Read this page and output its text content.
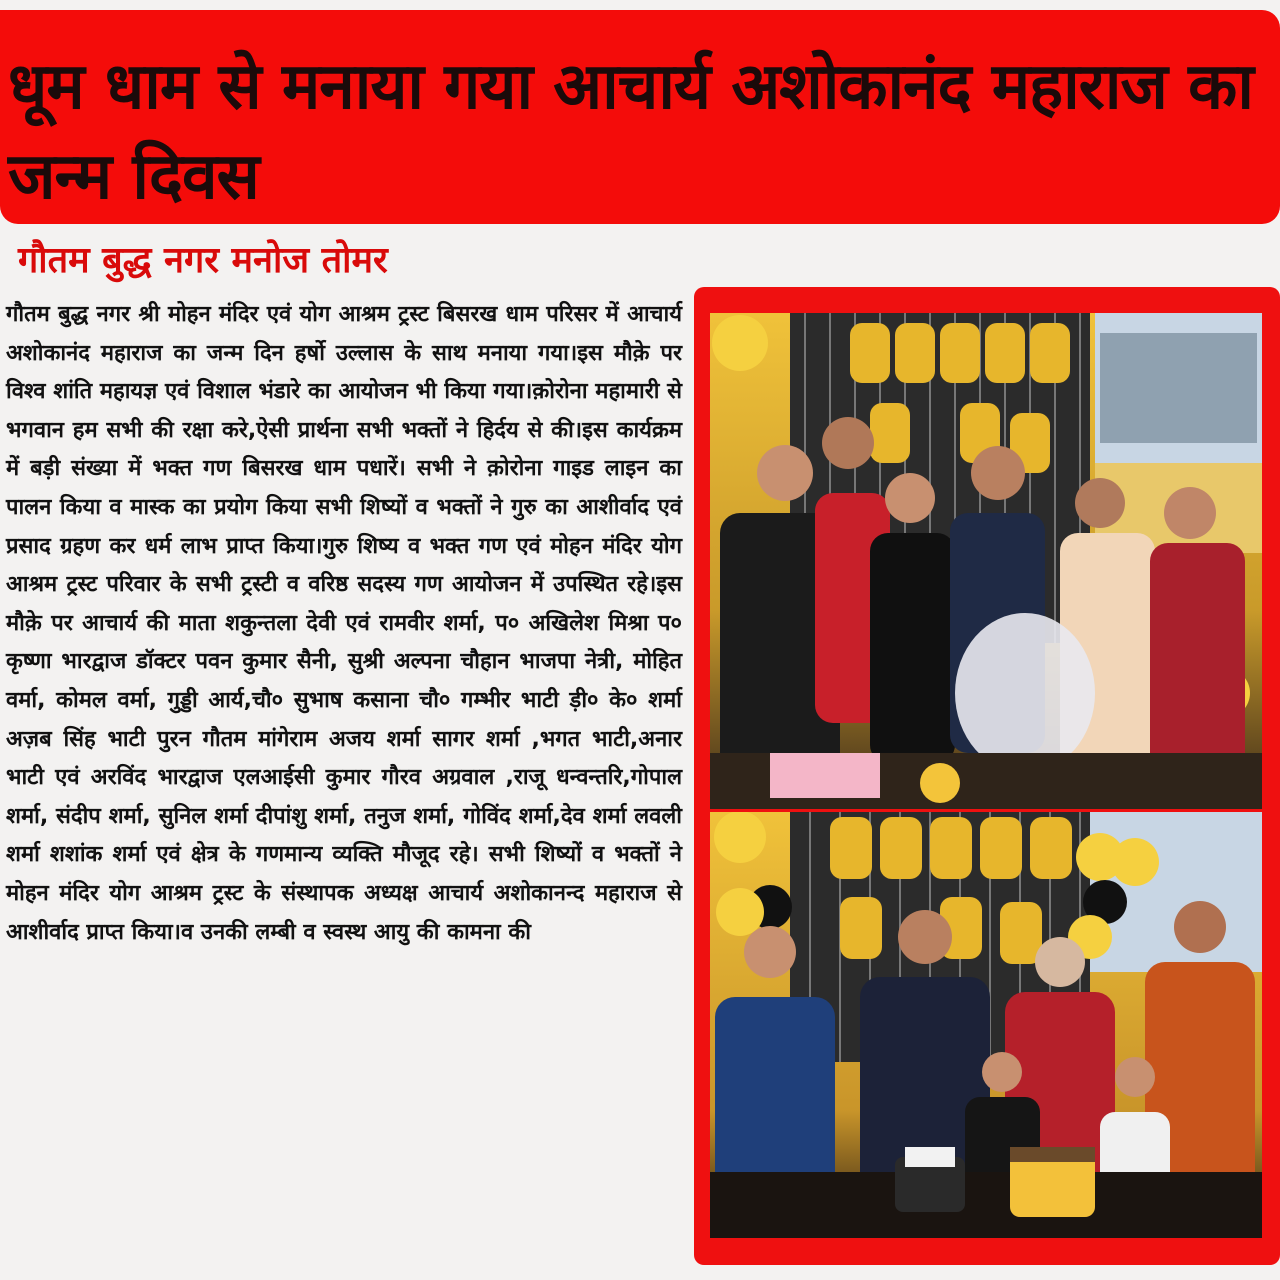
धूम धाम से मनाया गया आचार्य अशोकानंद महाराज का जन्म दिवस
गौतम बुद्ध नगर मनोज तोमर

गौतम बुद्ध नगर श्री मोहन मंदिर एवं योग आश्रम ट्रस्ट बिसरख धाम परिसर में आचार्य अशोकानंद महाराज का जन्म दिन हर्षो उल्लास के साथ मनाया गया।इस मौक़े पर विश्व शांति महायज्ञ एवं विशाल भंडारे का आयोजन भी किया गया।क़ोरोना महामारी से भगवान हम सभी की रक्षा करे,ऐसी प्रार्थना सभी भक्तों ने हिर्दय से की।इस कार्यक्रम में बड़ी संख्या में भक्त गण बिसरख धाम पधारें। सभी ने क़ोरोना गाइड लाइन का पालन किया व मास्क का प्रयोग किया सभी शिष्यों व भक्तों ने गुरु का आशीर्वाद एवं प्रसाद ग्रहण कर धर्म लाभ प्राप्त किया।गुरु शिष्य व भक्त गण एवं मोहन मंदिर योग आश्रम ट्रस्ट परिवार के सभी ट्रस्टी व वरिष्ठ सदस्य गण आयोजन में उपस्थित रहे।इस मौक़े पर आचार्य की माता शकुन्तला देवी एवं रामवीर शर्मा, प० अखिलेश मिश्रा प० कृष्णा भारद्वाज डॉक्टर पवन कुमार सैनी, सुश्री अल्पना चौहान भाजपा नेत्री, मोहित वर्मा, कोमल वर्मा, गुड्डी आर्य,चौ० सुभाष कसाना चौ० गम्भीर भाटी ड़ी० के० शर्मा अज़ब सिंह भाटी पुरन गौतम मांगेराम अजय शर्मा सागर शर्मा ,भगत भाटी,अनार भाटी एवं अरविंद भारद्वाज एलआईसी कुमार गौरव अग्रवाल ,राजू धन्वन्तरि,गोपाल शर्मा, संदीप शर्मा, सुनिल शर्मा दीपांशु शर्मा, तनुज शर्मा, गोविंद शर्मा,देव शर्मा लवली शर्मा शशांक शर्मा एवं क्षेत्र के गणमान्य व्यक्ति मौजूद रहे। सभी शिष्यों व भक्तों ने मोहन मंदिर योग आश्रम ट्रस्ट के संस्थापक अध्यक्ष आचार्य अशोकानन्द महाराज से आशीर्वाद प्राप्त किया।व उनकी लम्बी व स्वस्थ आयु की कामना की
